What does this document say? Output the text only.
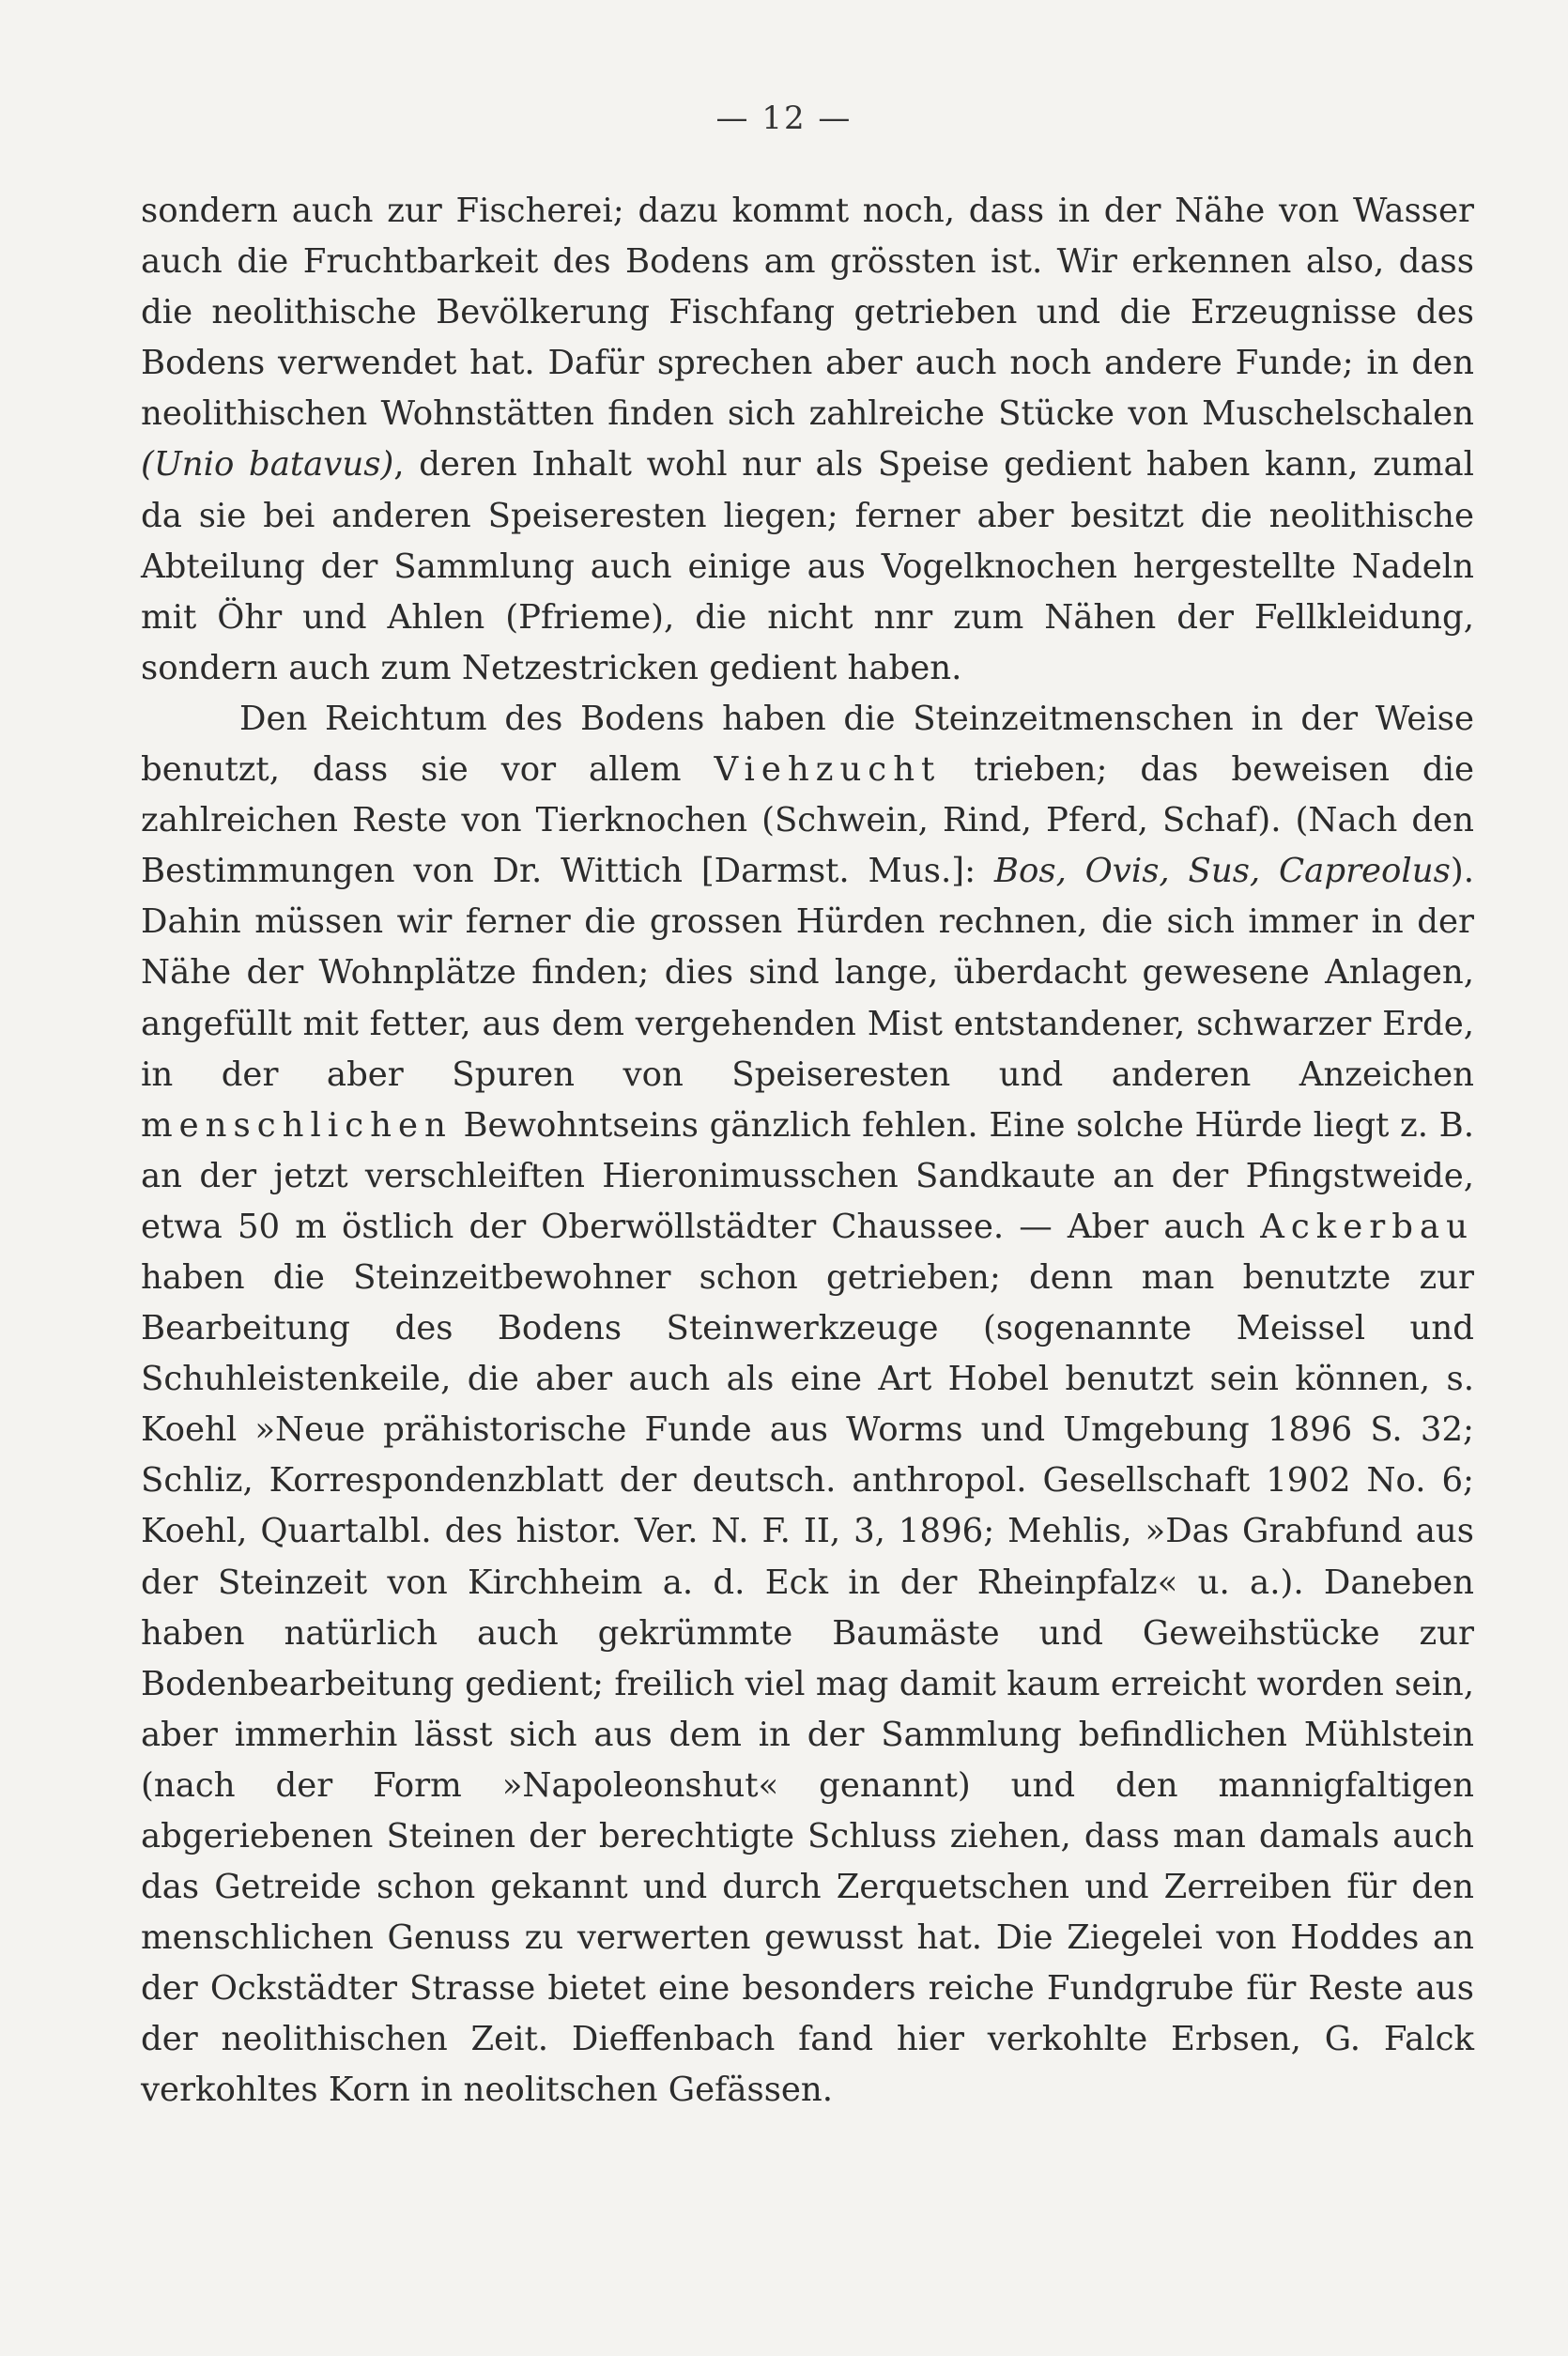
— 12 —

sondern auch zur Fischerei; dazu kommt noch, dass in der Nähe von Wasser auch die Fruchtbarkeit des Bodens am grössten ist. Wir erkennen also, dass die neolithische Bevölkerung Fischfang getrieben und die Erzeugnisse des Bodens verwendet hat. Dafür sprechen aber auch noch andere Funde; in den neolithischen Wohnstätten finden sich zahlreiche Stücke von Muschelschalen (Unio batavus), deren Inhalt wohl nur als Speise gedient haben kann, zumal da sie bei anderen Speiseresten liegen; ferner aber besitzt die neolithische Abteilung der Sammlung auch einige aus Vogelknochen hergestellte Nadeln mit Öhr und Ahlen (Pfrieme), die nicht nnr zum Nähen der Fellkleidung, sondern auch zum Netzestricken gedient haben.

Den Reichtum des Bodens haben die Steinzeitmenschen in der Weise benutzt, dass sie vor allem Viehzucht trieben; das beweisen die zahlreichen Reste von Tierknochen (Schwein, Rind, Pferd, Schaf). (Nach den Bestimmungen von Dr. Wittich [Darmst. Mus.]: Bos, Ovis, Sus, Capreolus). Dahin müssen wir ferner die grossen Hürden rechnen, die sich immer in der Nähe der Wohnplätze finden; dies sind lange, überdacht gewesene Anlagen, angefüllt mit fetter, aus dem vergehenden Mist entstandener, schwarzer Erde, in der aber Spuren von Speiseresten und anderen Anzeichen menschlichen Bewohntseins gänzlich fehlen. Eine solche Hürde liegt z. B. an der jetzt verschleiften Hieronimusschen Sandkaute an der Pfingstweide, etwa 50 m östlich der Oberwöllstädter Chaussee. — Aber auch Ackerbau haben die Steinzeitbewohner schon getrieben; denn man benutzte zur Bearbeitung des Bodens Steinwerkzeuge (sogenannte Meissel und Schuhleistenkeile, die aber auch als eine Art Hobel benutzt sein können, s. Koehl »Neue prähistorische Funde aus Worms und Umgebung 1896 S. 32; Schliz, Korrespondenzblatt der deutsch. anthropol. Gesellschaft 1902 No. 6; Koehl, Quartalbl. des histor. Ver. N. F. II, 3, 1896; Mehlis, »Das Grabfund aus der Steinzeit von Kirchheim a. d. Eck in der Rheinpfalz« u. a.). Daneben haben natürlich auch gekrümmte Baumäste und Geweihstücke zur Bodenbearbeitung gedient; freilich viel mag damit kaum erreicht worden sein, aber immerhin lässt sich aus dem in der Sammlung befindlichen Mühlstein (nach der Form »Napoleonshut« genannt) und den mannigfaltigen abgeriebenen Steinen der berechtigte Schluss ziehen, dass man damals auch das Getreide schon gekannt und durch Zerquetschen und Zerreiben für den menschlichen Genuss zu verwerten gewusst hat. Die Ziegelei von Hoddes an der Ockstädter Strasse bietet eine besonders reiche Fundgrube für Reste aus der neolithischen Zeit. Dieffenbach fand hier verkohlte Erbsen, G. Falck verkohltes Korn in neolitschen Gefässen.
